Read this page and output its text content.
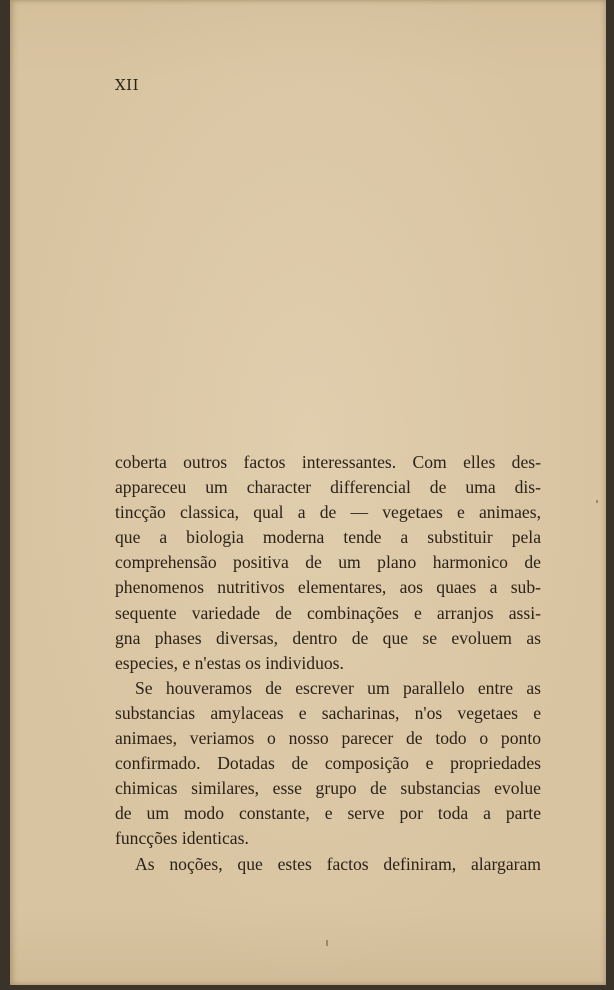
XII
coberta outros factos interessantes. Com elles des-
appareceu um character differencial de uma dis-
tincção classica, qual a de — vegetaes e animaes,
que a biologia moderna tende a substituir pela
comprehensão positiva de um plano harmonico de
phenomenos nutritivos elementares, aos quaes a sub-
sequente variedade de combinações e arranjos assi-
gna phases diversas, dentro de que se evoluem as
especies, e n'estas os individuos.
Se houveramos de escrever um parallelo entre as
substancias amylaceas e sacharinas, n'os vegetaes e
animaes, veriamos o nosso parecer de todo o ponto
confirmado. Dotadas de composição e propriedades
chimicas similares, esse grupo de substancias evolue
de um modo constante, e serve por toda a parte
funcções identicas.
As noções, que estes factos definiram, alargaram
